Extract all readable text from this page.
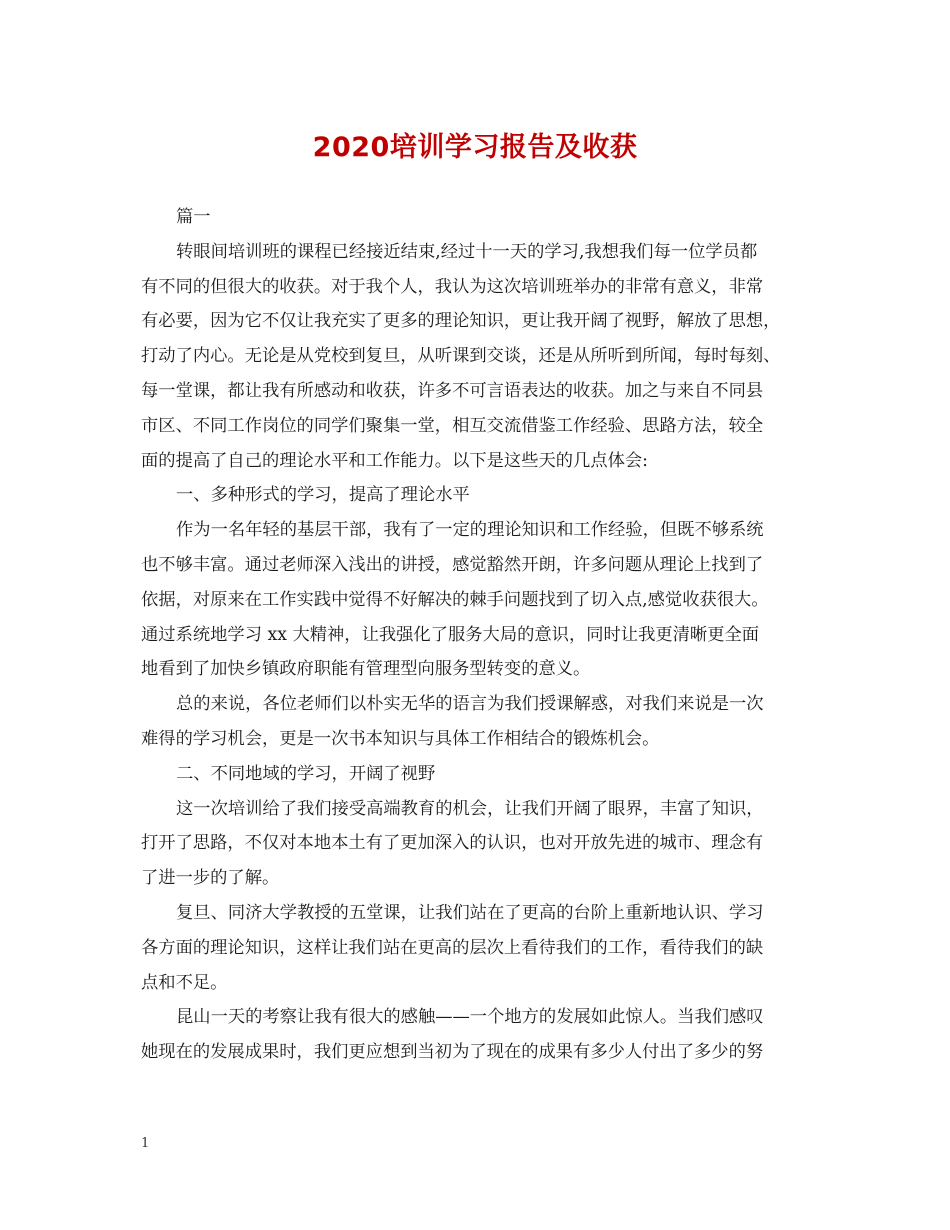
2020培训学习报告及收获

篇一

转眼间培训班的课程已经接近结束,经过十一天的学习,我想我们每一位学员都
有不同的但很大的收获。对于我个人，我认为这次培训班举办的非常有意义，非常
有必要，因为它不仅让我充实了更多的理论知识，更让我开阔了视野，解放了思想，
打动了内心。无论是从党校到复旦，从听课到交谈，还是从所听到所闻，每时每刻、
每一堂课，都让我有所感动和收获，许多不可言语表达的收获。加之与来自不同县
市区、不同工作岗位的同学们聚集一堂，相互交流借鉴工作经验、思路方法，较全
面的提高了自己的理论水平和工作能力。以下是这些天的几点体会:

一、多种形式的学习，提高了理论水平

作为一名年轻的基层干部，我有了一定的理论知识和工作经验，但既不够系统
也不够丰富。通过老师深入浅出的讲授，感觉豁然开朗，许多问题从理论上找到了
依据，对原来在工作实践中觉得不好解决的棘手问题找到了切入点,感觉收获很大。
通过系统地学习 xx 大精神，让我强化了服务大局的意识，同时让我更清晰更全面
地看到了加快乡镇政府职能有管理型向服务型转变的意义。

总的来说，各位老师们以朴实无华的语言为我们授课解惑，对我们来说是一次
难得的学习机会，更是一次书本知识与具体工作相结合的锻炼机会。

二、不同地域的学习，开阔了视野

这一次培训给了我们接受高端教育的机会，让我们开阔了眼界，丰富了知识，
打开了思路，不仅对本地本土有了更加深入的认识，也对开放先进的城市、理念有
了进一步的了解。

复旦、同济大学教授的五堂课，让我们站在了更高的台阶上重新地认识、学习
各方面的理论知识，这样让我们站在更高的层次上看待我们的工作，看待我们的缺
点和不足。

昆山一天的考察让我有很大的感触——一个地方的发展如此惊人。当我们感叹
她现在的发展成果时，我们更应想到当初为了现在的成果有多少人付出了多少的努

1
